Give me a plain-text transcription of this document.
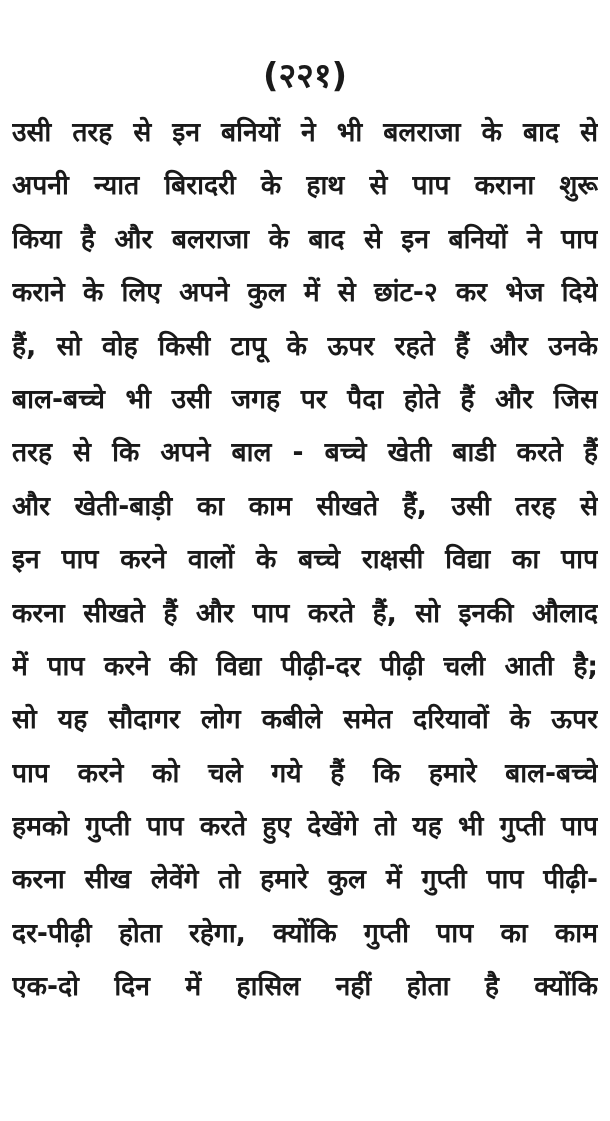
(२२१)
उसी तरह से इन बनियों ने भी बलराजा के बाद से
अपनी न्यात बिरादरी के हाथ से पाप कराना शुरू
किया है और बलराजा के बाद से इन बनियों ने पाप
कराने के लिए अपने कुल में से छांट-२ कर भेज दिये
हैं, सो वोह किसी टापू के ऊपर रहते हैं और उनके
बाल-बच्चे भी उसी जगह पर पैदा होते हैं और जिस
तरह से कि अपने बाल - बच्चे खेती बाडी करते हैं
और खेती-बाड़ी का काम सीखते हैं, उसी तरह से
इन पाप करने वालों के बच्चे राक्षसी विद्या का पाप
करना सीखते हैं और पाप करते हैं, सो इनकी औलाद
में पाप करने की विद्या पीढ़ी-दर पीढ़ी चली आती है;
सो यह सौदागर लोग कबीले समेत दरियावों के ऊपर
पाप करने को चले गये हैं कि हमारे बाल-बच्चे
हमको गुप्ती पाप करते हुए देखेंगे तो यह भी गुप्ती पाप
करना सीख लेवेंगे तो हमारे कुल में गुप्ती पाप पीढ़ी-
दर-पीढ़ी होता रहेगा, क्योंकि गुप्ती पाप का काम
एक-दो दिन में हासिल नहीं होता है क्योंकि
